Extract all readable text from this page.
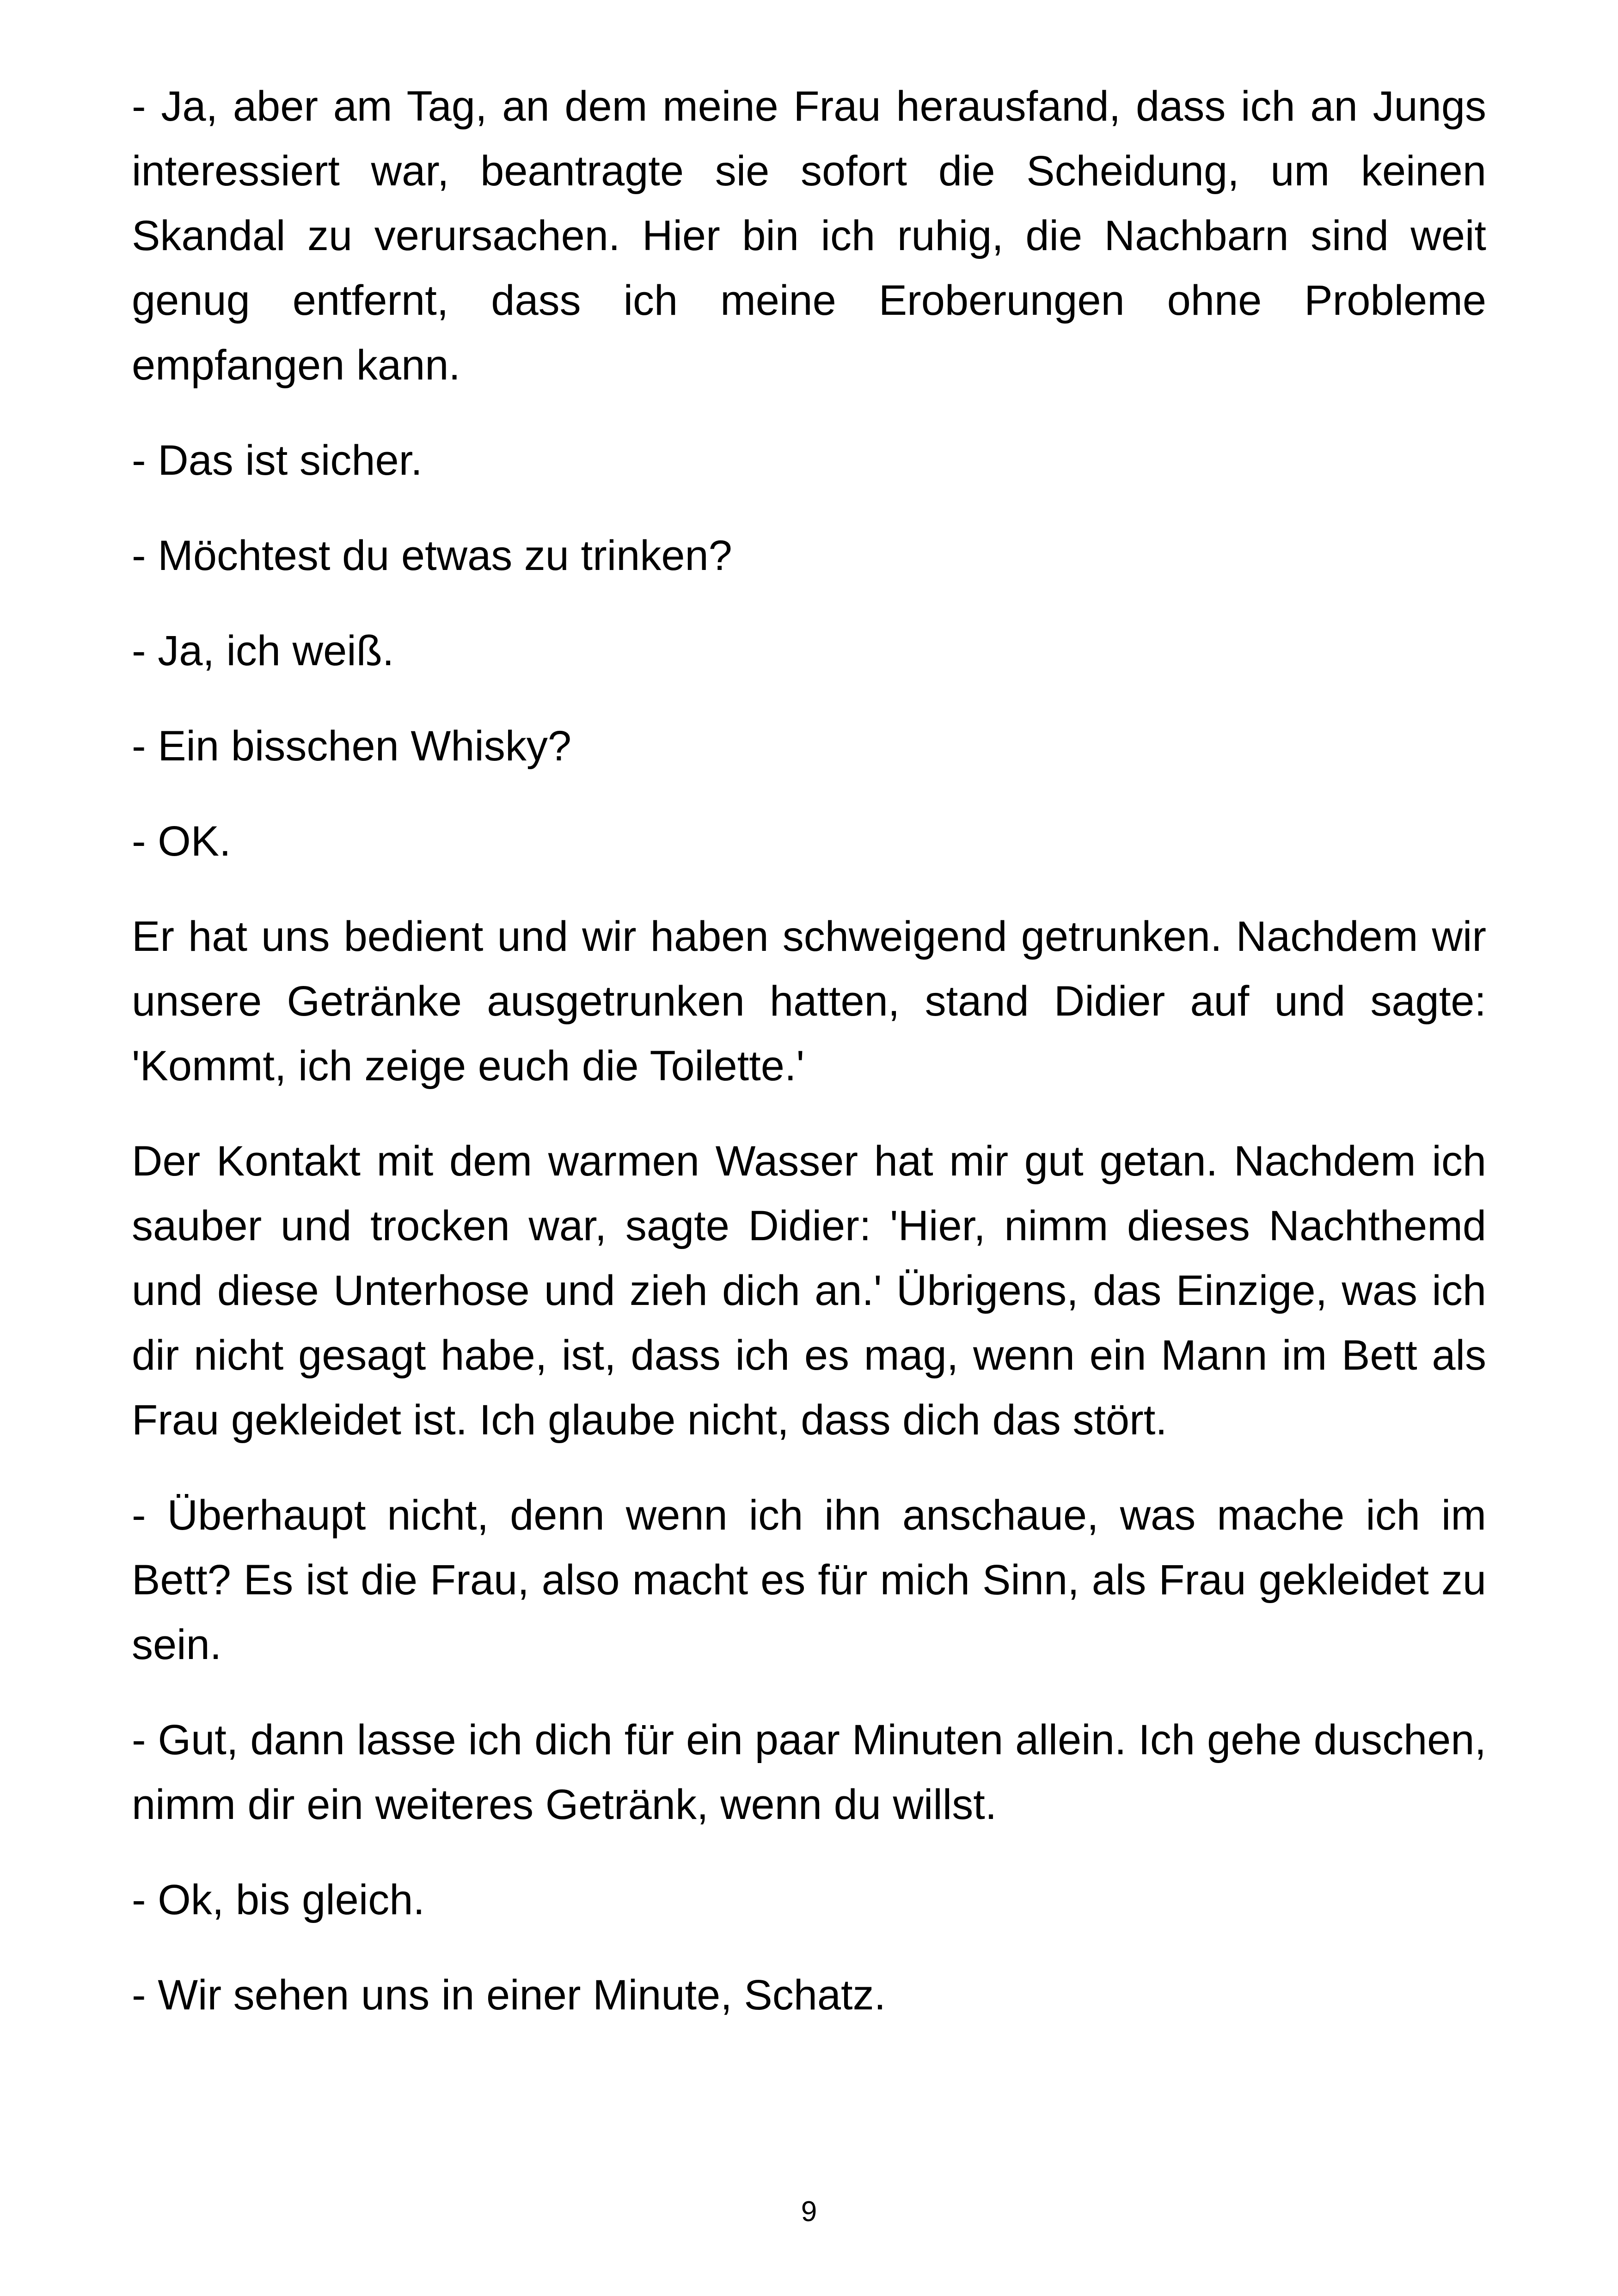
- Ja, aber am Tag, an dem meine Frau herausfand, dass ich an Jungs interessiert war, beantragte sie sofort die Scheidung, um keinen Skandal zu verursachen. Hier bin ich ruhig, die Nachbarn sind weit genug entfernt, dass ich meine Eroberungen ohne Probleme empfangen kann.

- Das ist sicher.

- Möchtest du etwas zu trinken?

- Ja, ich weiß.

- Ein bisschen Whisky?

- OK.

Er hat uns bedient und wir haben schweigend getrunken. Nachdem wir unsere Getränke ausgetrunken hatten, stand Didier auf und sagte: 'Kommt, ich zeige euch die Toilette.'

Der Kontakt mit dem warmen Wasser hat mir gut getan. Nachdem ich sauber und trocken war, sagte Didier: 'Hier, nimm dieses Nachthemd und diese Unterhose und zieh dich an.' Übrigens, das Einzige, was ich dir nicht gesagt habe, ist, dass ich es mag, wenn ein Mann im Bett als Frau gekleidet ist. Ich glaube nicht, dass dich das stört.

- Überhaupt nicht, denn wenn ich ihn anschaue, was mache ich im Bett? Es ist die Frau, also macht es für mich Sinn, als Frau gekleidet zu sein.

- Gut, dann lasse ich dich für ein paar Minuten allein. Ich gehe duschen, nimm dir ein weiteres Getränk, wenn du willst.

- Ok, bis gleich.

- Wir sehen uns in einer Minute, Schatz.

9
